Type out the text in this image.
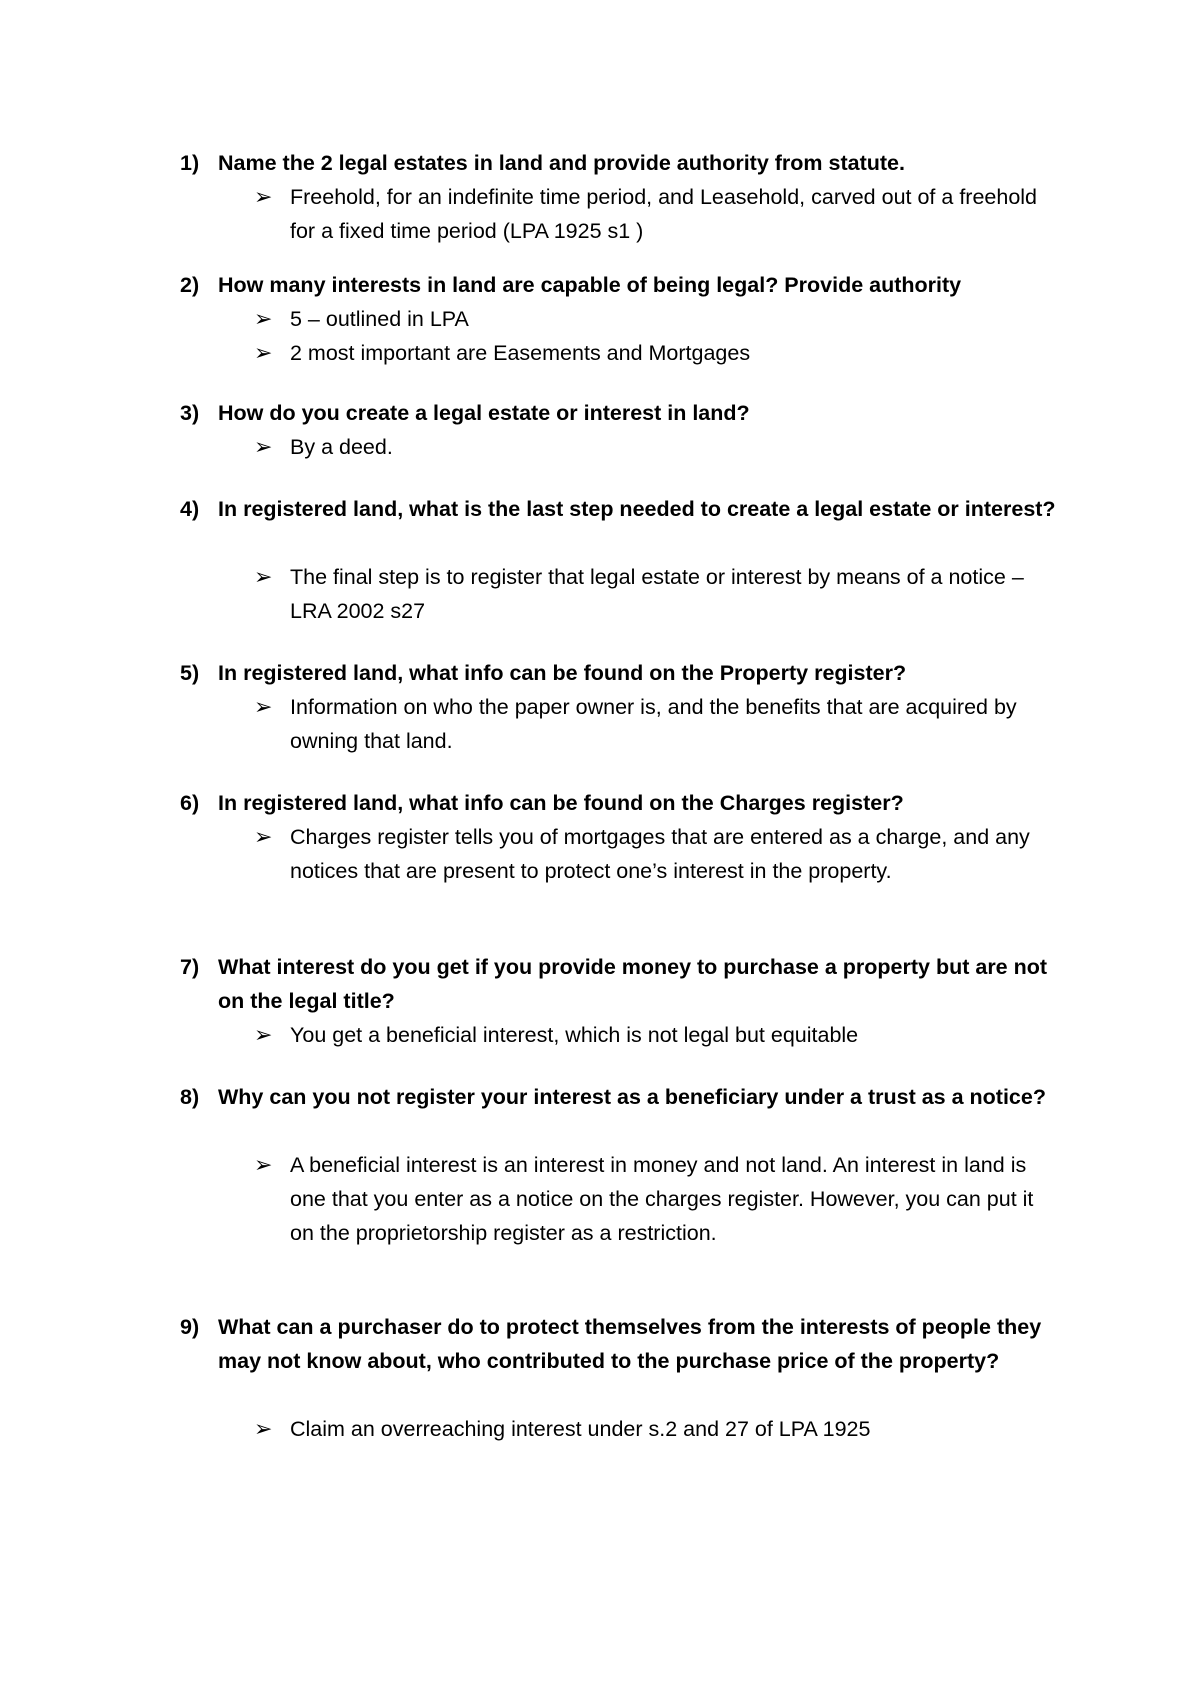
1) Name the 2 legal estates in land and provide authority from statute.
➢ Freehold, for an indefinite time period, and Leasehold, carved out of a freehold for a fixed time period (LPA 1925 s1 )
2) How many interests in land are capable of being legal? Provide authority
➢ 5 – outlined in LPA
➢ 2 most important are Easements and Mortgages
3) How do you create a legal estate or interest in land?
➢ By a deed.
4) In registered land, what is the last step needed to create a legal estate or interest?
➢ The final step is to register that legal estate or interest by means of a notice – LRA 2002 s27
5) In registered land, what info can be found on the Property register?
➢ Information on who the paper owner is, and the benefits that are acquired by owning that land.
6) In registered land, what info can be found on the Charges register?
➢ Charges register tells you of mortgages that are entered as a charge, and any notices that are present to protect one’s interest in the property.
7) What interest do you get if you provide money to purchase a property but are not on the legal title?
➢ You get a beneficial interest, which is not legal but equitable
8) Why can you not register your interest as a beneficiary under a trust as a notice?
➢ A beneficial interest is an interest in money and not land. An interest in land is one that you enter as a notice on the charges register. However, you can put it on the proprietorship register as a restriction.
9) What can a purchaser do to protect themselves from the interests of people they may not know about, who contributed to the purchase price of the property?
➢ Claim an overreaching interest under s.2 and 27 of LPA 1925
